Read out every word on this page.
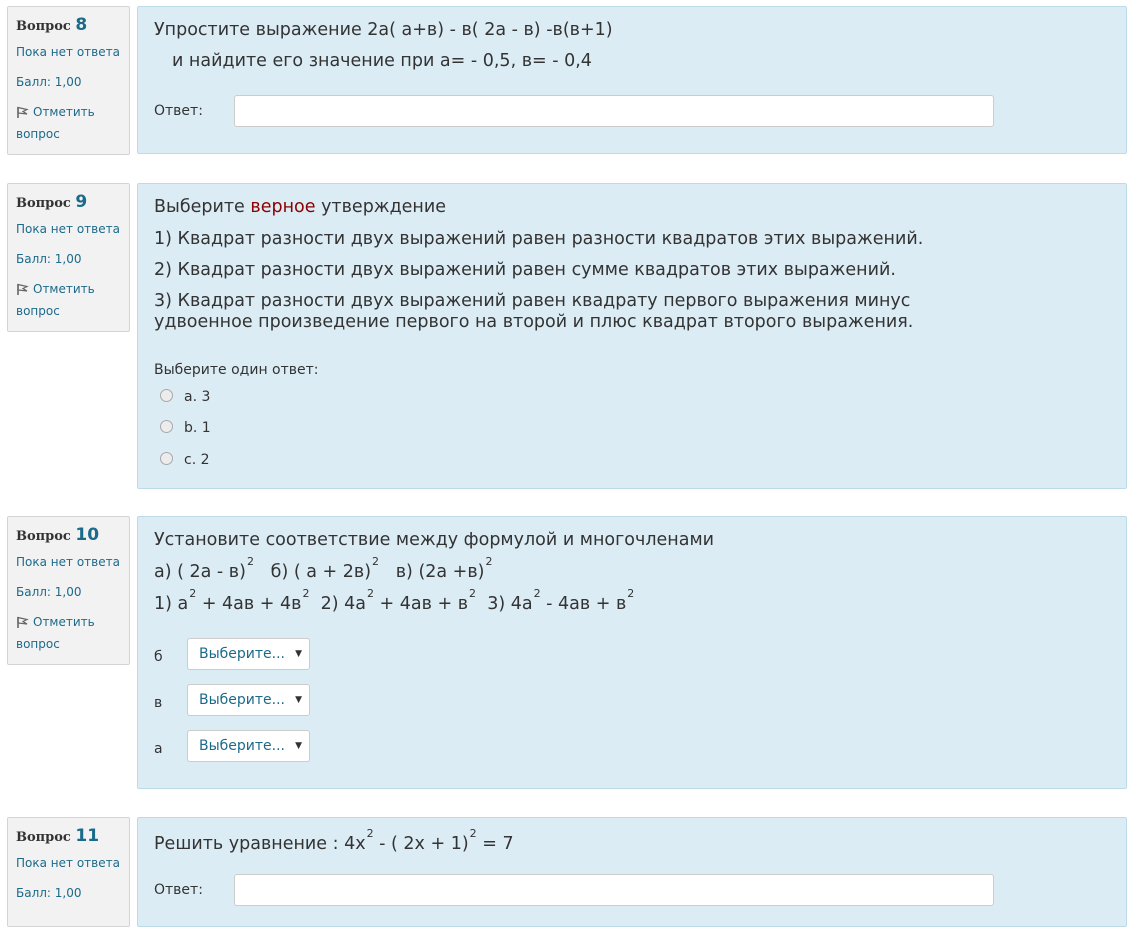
Вопрос 8
Пока нет ответа
Балл: 1,00
Отметить вопрос
Упростите выражение 2а( а+в) - в( 2а - в) -в(в+1)
и найдите его значение при а= - 0,5, в= - 0,4
Ответ:
Вопрос 9
Пока нет ответа
Балл: 1,00
Отметить вопрос
Выберите верное утверждение
1) Квадрат разности двух выражений равен разности квадратов этих выражений.
2) Квадрат разности двух выражений равен сумме квадратов этих выражений.
3) Квадрат разности двух выражений равен квадрату первого выражения минус
удвоенное произведение первого на второй и плюс квадрат второго выражения.
Выберите один ответ:
a. 3
b. 1
c. 2
Вопрос 10
Пока нет ответа
Балл: 1,00
Отметить вопрос
Установите соответствие между формулой и многочленами
а) ( 2а - в)$^2$   б) ( а + 2в)$^2$   в) $(2а +в)^2$
1) $а^2 + 4ав + 4в^2$  2) $4а^2 + 4ав + в^2$  3) $4а^2 - 4ав + в^2$
б	Выберите... ▼
в	Выберите... ▼
а	Выберите... ▼
Вопрос 11
Пока нет ответа
Балл: 1,00
Решить уравнение : $4x^2$ - ( 2x + 1)$^2$ = 7
Ответ:
